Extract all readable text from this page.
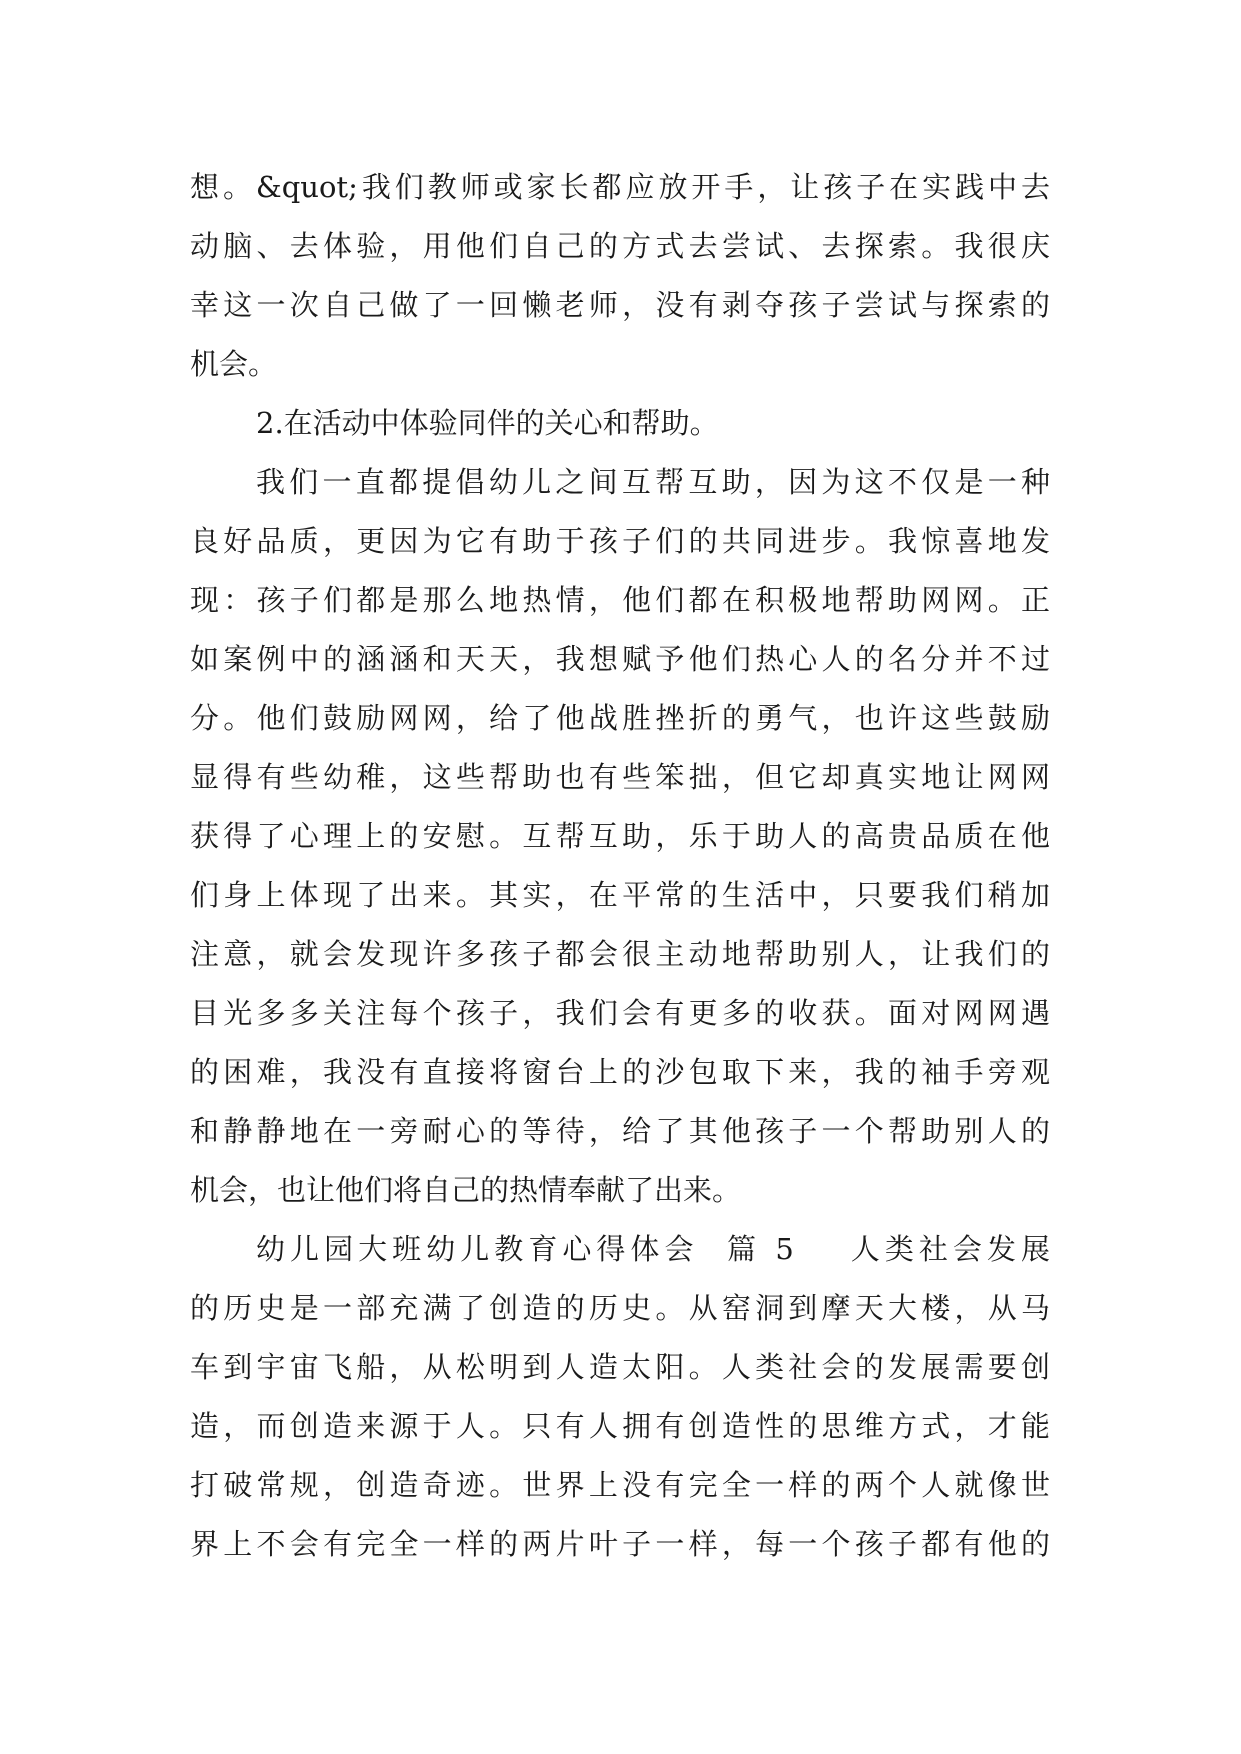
想。&quot;我们教师或家长都应放开手，让孩子在实践中去
动脑、去体验，用他们自己的方式去尝试、去探索。我很庆
幸这一次自己做了一回懒老师，没有剥夺孩子尝试与探索的
机会。
2.在活动中体验同伴的关心和帮助。
我们一直都提倡幼儿之间互帮互助，因为这不仅是一种
良好品质，更因为它有助于孩子们的共同进步。我惊喜地发
现：孩子们都是那么地热情，他们都在积极地帮助网网。正
如案例中的涵涵和天天，我想赋予他们热心人的名分并不过
分。他们鼓励网网，给了他战胜挫折的勇气，也许这些鼓励
显得有些幼稚，这些帮助也有些笨拙，但它却真实地让网网
获得了心理上的安慰。互帮互助，乐于助人的高贵品质在他
们身上体现了出来。其实，在平常的生活中，只要我们稍加
注意，就会发现许多孩子都会很主动地帮助别人，让我们的
目光多多关注每个孩子，我们会有更多的收获。面对网网遇
的困难，我没有直接将窗台上的沙包取下来，我的袖手旁观
和静静地在一旁耐心的等待，给了其他孩子一个帮助别人的
机会，也让他们将自己的热情奉献了出来。
幼儿园大班幼儿教育心得体会  篇 5    人类社会发展
的历史是一部充满了创造的历史。从窑洞到摩天大楼，从马
车到宇宙飞船，从松明到人造太阳。人类社会的发展需要创
造，而创造来源于人。只有人拥有创造性的思维方式，才能
打破常规，创造奇迹。世界上没有完全一样的两个人就像世
界上不会有完全一样的两片叶子一样，每一个孩子都有他的
